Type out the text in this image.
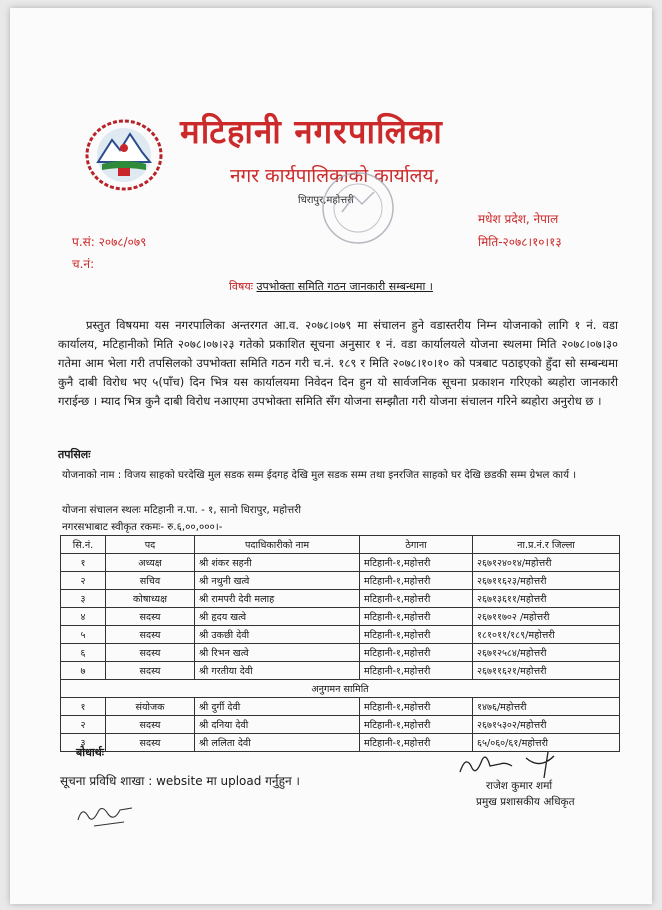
मटिहानी नगरपालिका
नगर कार्यपालिकाको कार्यालय,
धिरापुर,महोत्तरी
मधेश प्रदेश, नेपाल
मिति-२०७८।१०।१३
प.सं: २०७८/०७९
च.नं:
विषयः उपभोक्ता समिति गठन जानकारी सम्बन्धमा ।
प्रस्तुत विषयमा यस नगरपालिका अन्तरगत आ.व. २०७८।०७९ मा संचालन हुने वडास्तरीय निम्न योजनाको लागि १ नं. वडा कार्यालय, मटिहानीको मिति २०७८।०७।२३ गतेको प्रकाशित सूचना अनुसार १ नं. वडा कार्यालयले योजना स्थलमा मिति २०७८।०७।३० गतेमा आम भेला गरी तपसिलको उपभोक्ता समिति गठन गरी च.नं. १८९ र मिति २०७८।१०।१० को पत्रबाट पठाइएको हुँदा सो सम्बन्धमा कुनै दाबी विरोध भए ५(पाँच) दिन भित्र यस कार्यालयमा निवेदन दिन हुन यो सार्वजनिक सूचना प्रकाशन गरिएको ब्यहोरा जानकारी गराईन्छ । म्याद भित्र कुनै दाबी विरोध नआएमा उपभोक्ता समिति सँग योजना सम्झौता गरी योजना संचालन गरिने ब्यहोरा अनुरोध छ ।
तपसिलः
योजनाको नाम : विजय साहको घरदेखि मुल सडक सम्म ईदगह देखि मुल सडक सम्म तथा इनरजित साहको घर देखि छडकी सम्म ग्रेभल कार्य ।
योजना संचालन स्थलः मटिहानी न.पा. - १, सानो धिरापुर, महोत्तरी
नगरसभाबाट स्वीकृत रकमः- रु.६,००,०००।-
सि.नं.	पद	पदाधिकारीको नाम	ठेगाना	ना.प्र.नं.र जिल्ला
१	अध्यक्ष	श्री शंकर सहनी	मटिहानी-१,महोत्तरी	२६७१२४०१४/महोत्तरी
२	सचिव	श्री नथुनी खत्वे	मटिहानी-१,महोत्तरी	२६७११६२३/महोत्तरी
३	कोषाध्यक्ष	श्री रामपरी देवी मलाह	मटिहानी-१,महोत्तरी	२६७१३६११/महोत्तरी
४	सदस्य	श्री हृदय खत्वे	मटिहानी-१,महोत्तरी	२६७११७०२ /महोत्तरी
५	सदस्य	श्री उकछी देवी	मटिहानी-१,महोत्तरी	१८१०११/१८९/महोत्तरी
६	सदस्य	श्री रिभन खत्वे	मटिहानी-१,महोत्तरी	२६७१२५८४/महोत्तरी
७	सदस्य	श्री गरतीया देवी	मटिहानी-१,महोत्तरी	२६७११६२१/महोत्तरी
अनुगमन सामिति				
१	संयोजक	श्री दुर्गी देवी	मटिहानी-१,महोत्तरी	१४७६/महोत्तरी
२	सदस्य	श्री दनिया देवी	मटिहानी-१,महोत्तरी	२६७१५३०२/महोत्तरी
३	सदस्य	श्री ललिता देवी	मटिहानी-१,महोत्तरी	६५/०६०/६१/महोत्तरी
बोधार्थः
सूचना प्रविधि शाखा : website मा upload गर्नुहुन ।	राजेश कुमार शर्मा
प्रमुख प्रशासकीय अधिकृत
